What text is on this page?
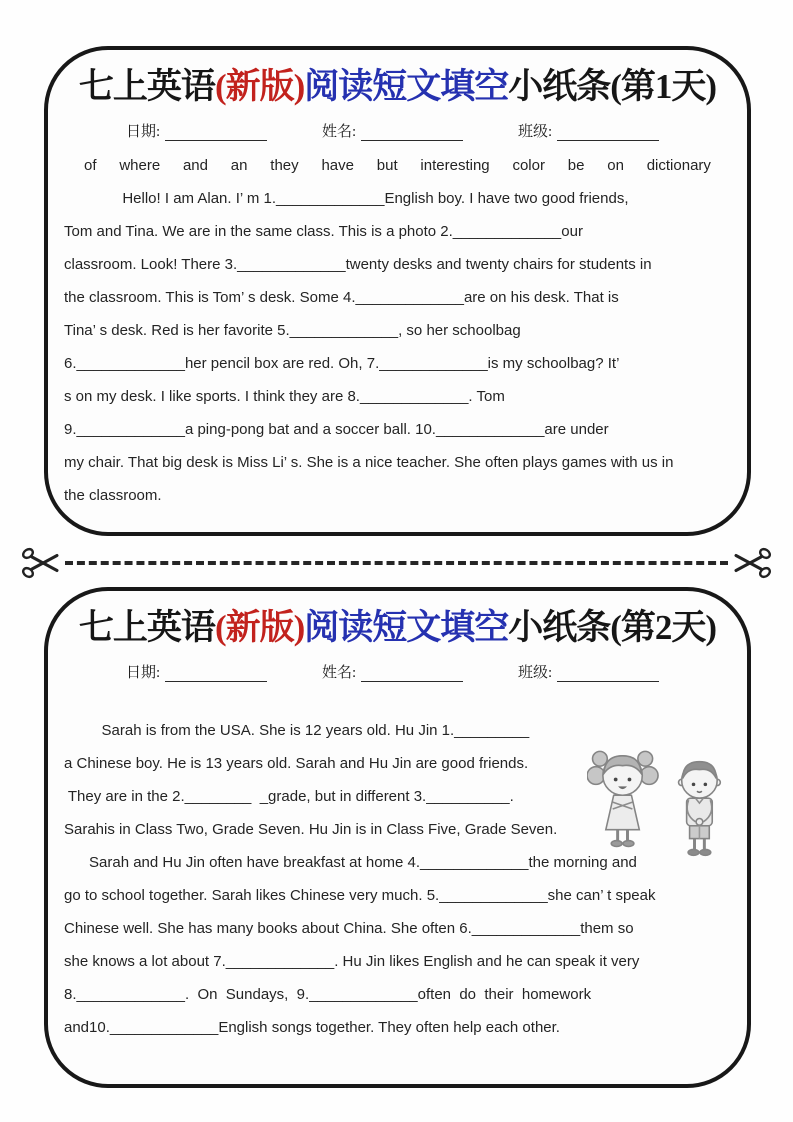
七上英语(新版)阅读短文填空小纸条(第1天)
日期:	姓名:	班级:
of where and an they have but interesting color be on dictionary
Hello! I am Alan. I’ m 1._____________English boy. I have two good friends,
Tom and Tina. We are in the same class. This is a photo 2._____________our
classroom. Look! There 3._____________twenty desks and twenty chairs for students in
the classroom. This is Tom’ s desk. Some 4._____________are on his desk. That is
Tina’ s desk. Red is her favorite 5._____________, so her schoolbag
6._____________her pencil box are red. Oh, 7._____________is my schoolbag? It’
s on my desk. I like sports. I think they are 8._____________. Tom
9._____________a ping-pong bat and a soccer ball. 10._____________are under
my chair. That big desk is Miss Li’ s. She is a nice teacher. She often plays games with us in
the classroom.
七上英语(新版)阅读短文填空小纸条(第2天)
日期:	姓名:	班级:
Sarah is from the USA. She is 12 years old. Hu Jin 1._________
a Chinese boy. He is 13 years old. Sarah and Hu Jin are good friends.
They are in the 2.________  _grade, but in different 3.__________.
Sarahis in Class Two, Grade Seven. Hu Jin is in Class Five, Grade Seven.
Sarah and Hu Jin often have breakfast at home 4._____________the morning and
go to school together. Sarah likes Chinese very much. 5._____________she can’ t speak
Chinese well. She has many books about China. She often 6._____________them so
she knows a lot about 7._____________. Hu Jin likes English and he can speak it very
8._____________.  On  Sundays,  9._____________often  do  their  homework
and10._____________English songs together. They often help each other.
